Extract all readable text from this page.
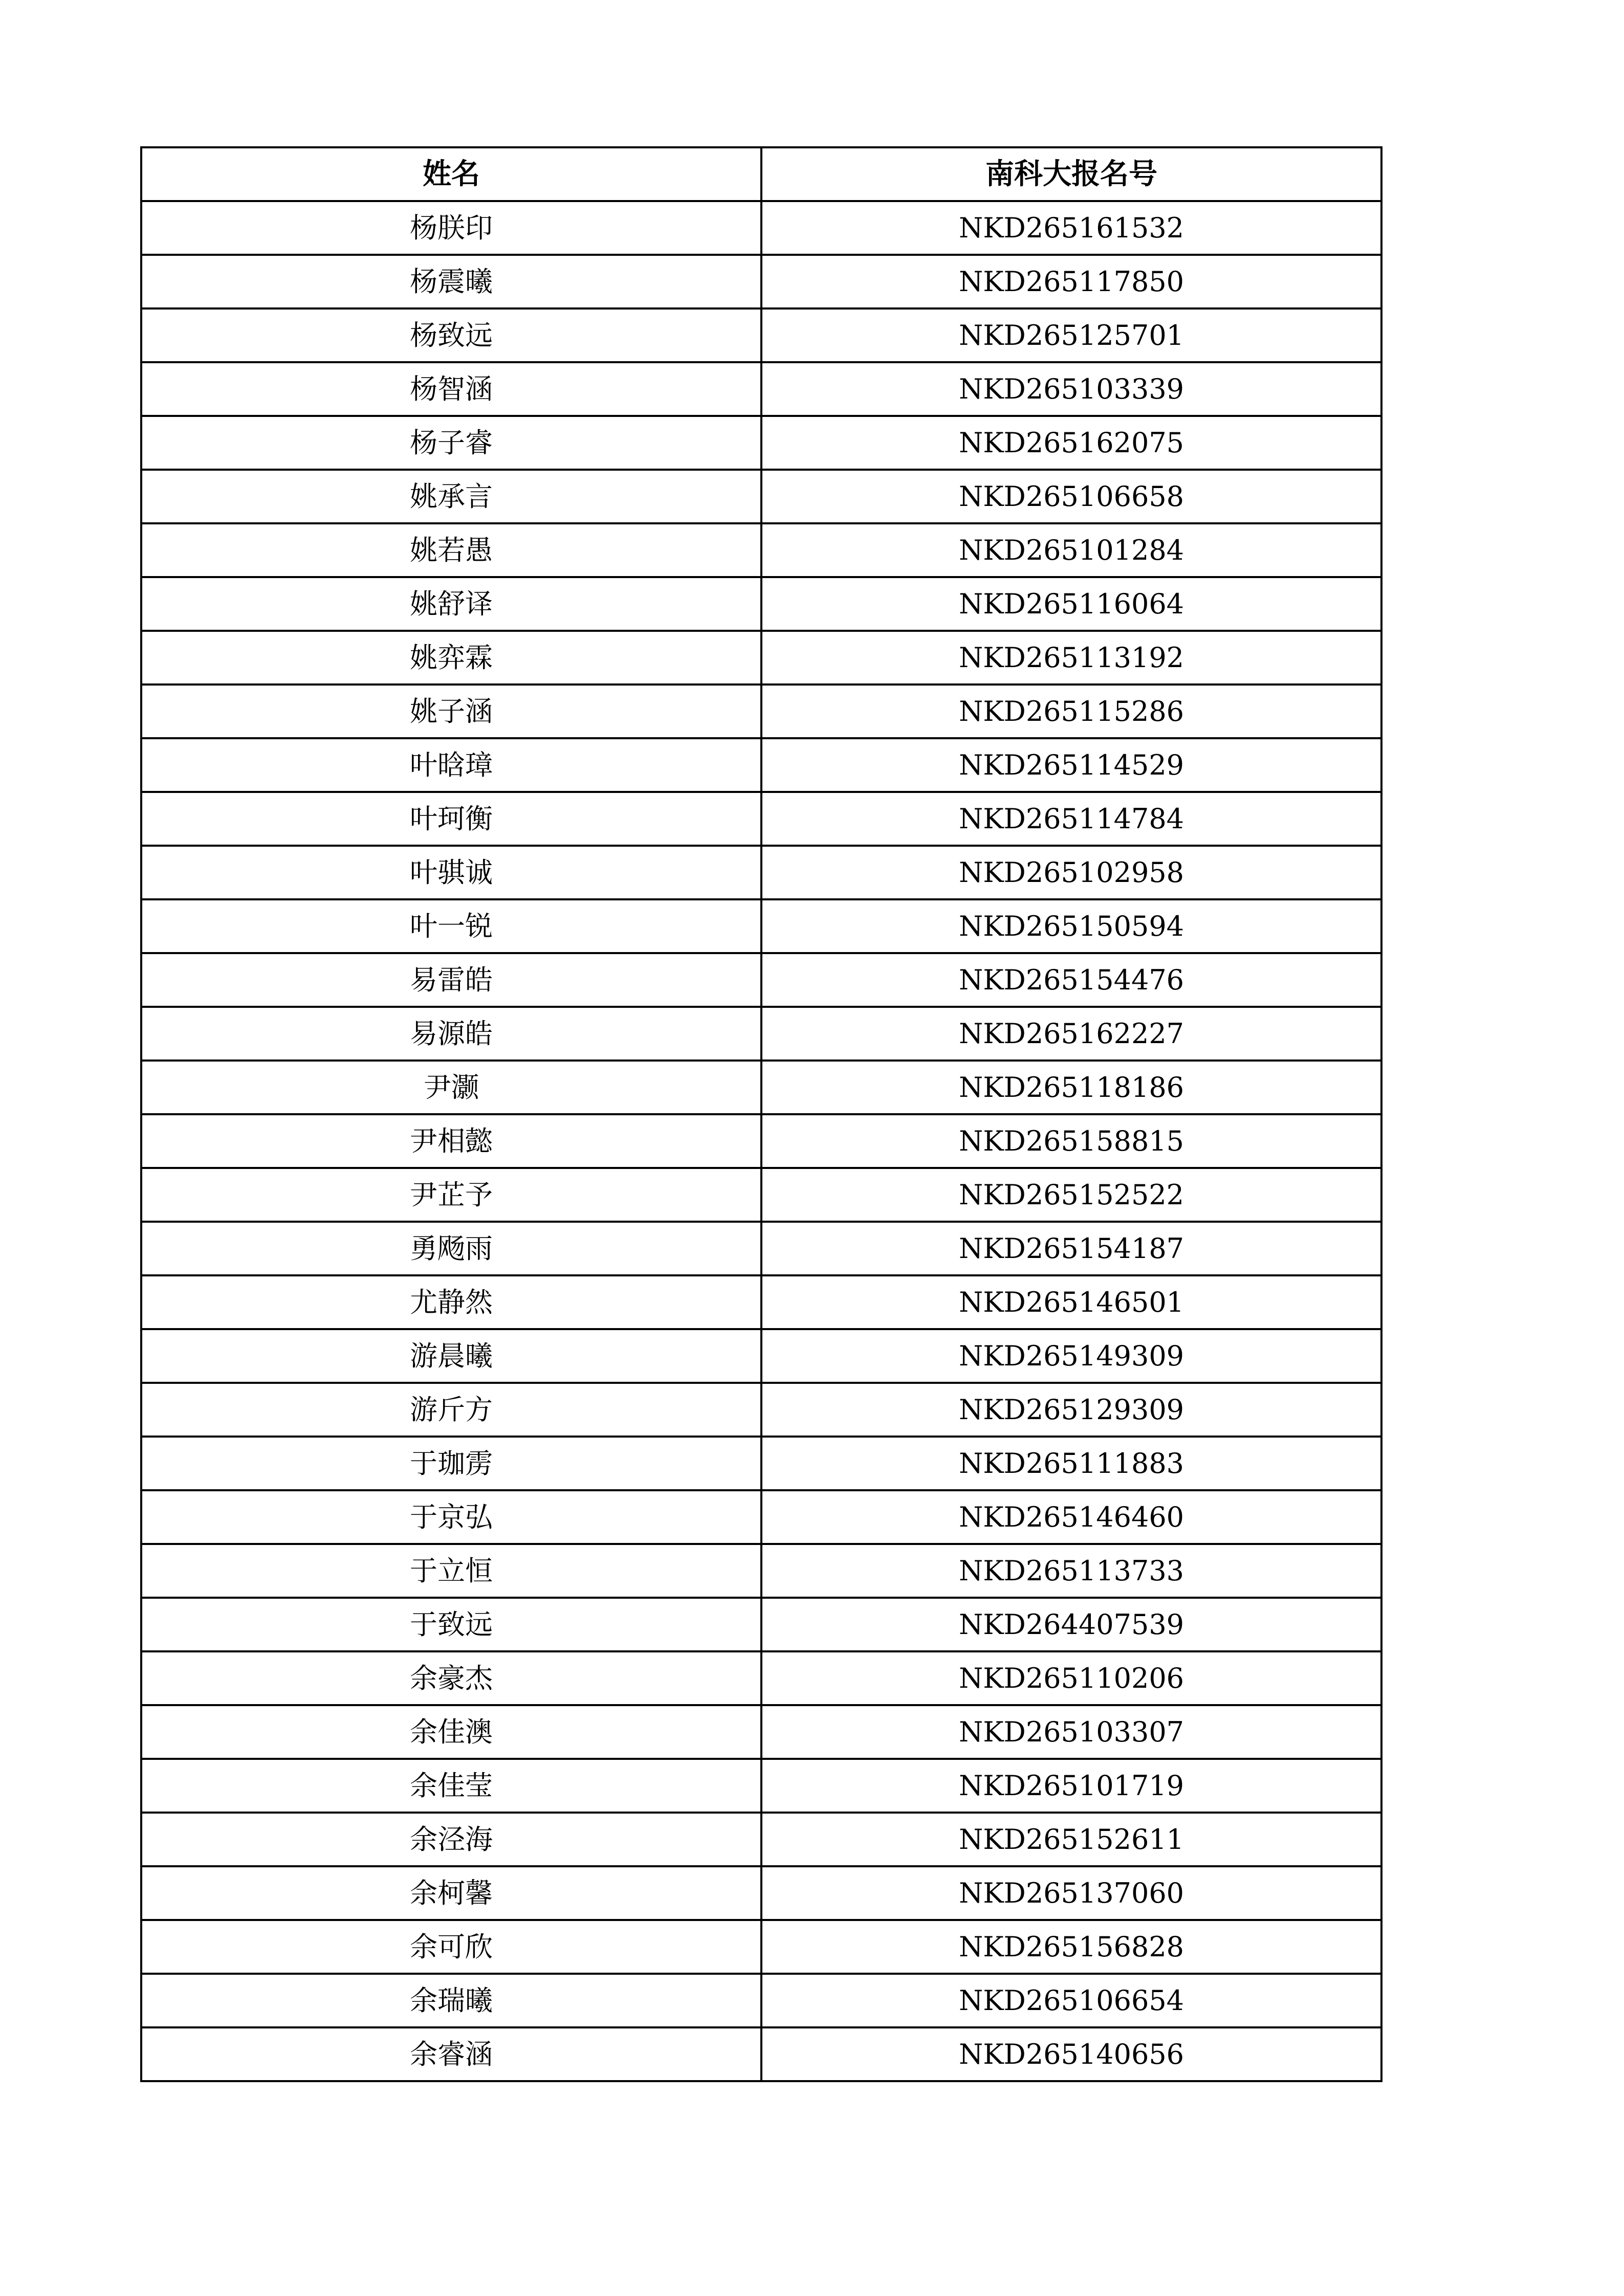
姓名	南科大报名号
杨朕印	NKD265161532
杨震曦	NKD265117850
杨致远	NKD265125701
杨智涵	NKD265103339
杨子睿	NKD265162075
姚承言	NKD265106658
姚若愚	NKD265101284
姚舒译	NKD265116064
姚弈霖	NKD265113192
姚子涵	NKD265115286
叶晗璋	NKD265114529
叶珂衡	NKD265114784
叶骐诚	NKD265102958
叶一锐	NKD265150594
易雷皓	NKD265154476
易源皓	NKD265162227
尹灏	NKD265118186
尹相懿	NKD265158815
尹芷予	NKD265152522
勇飏雨	NKD265154187
尤静然	NKD265146501
游晨曦	NKD265149309
游斤方	NKD265129309
于珈雳	NKD265111883
于京弘	NKD265146460
于立恒	NKD265113733
于致远	NKD264407539
余豪杰	NKD265110206
余佳澳	NKD265103307
余佳莹	NKD265101719
余泾海	NKD265152611
余柯馨	NKD265137060
余可欣	NKD265156828
余瑞曦	NKD265106654
余睿涵	NKD265140656
